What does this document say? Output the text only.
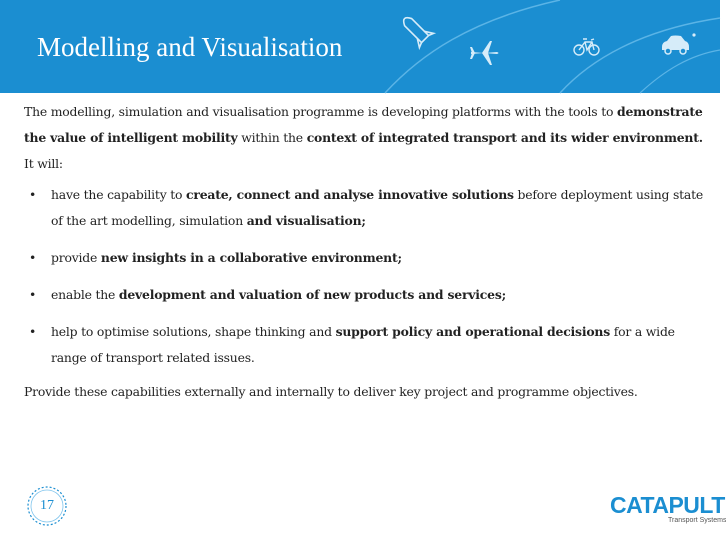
Modelling and Visualisation

The modelling, simulation and visualisation programme is developing platforms with the tools to demonstrate the value of intelligent mobility within the context of integrated transport and its wider environment. It will:

• have the capability to create, connect and analyse innovative solutions before deployment using state of the art modelling, simulation and visualisation;
• provide new insights in a collaborative environment;
• enable the development and valuation of new products and services;
• help to optimise solutions, shape thinking and support policy and operational decisions for a wide range of transport related issues.

Provide these capabilities externally and internally to deliver key project and programme objectives.

17	CATAPULT
Transport Systems
